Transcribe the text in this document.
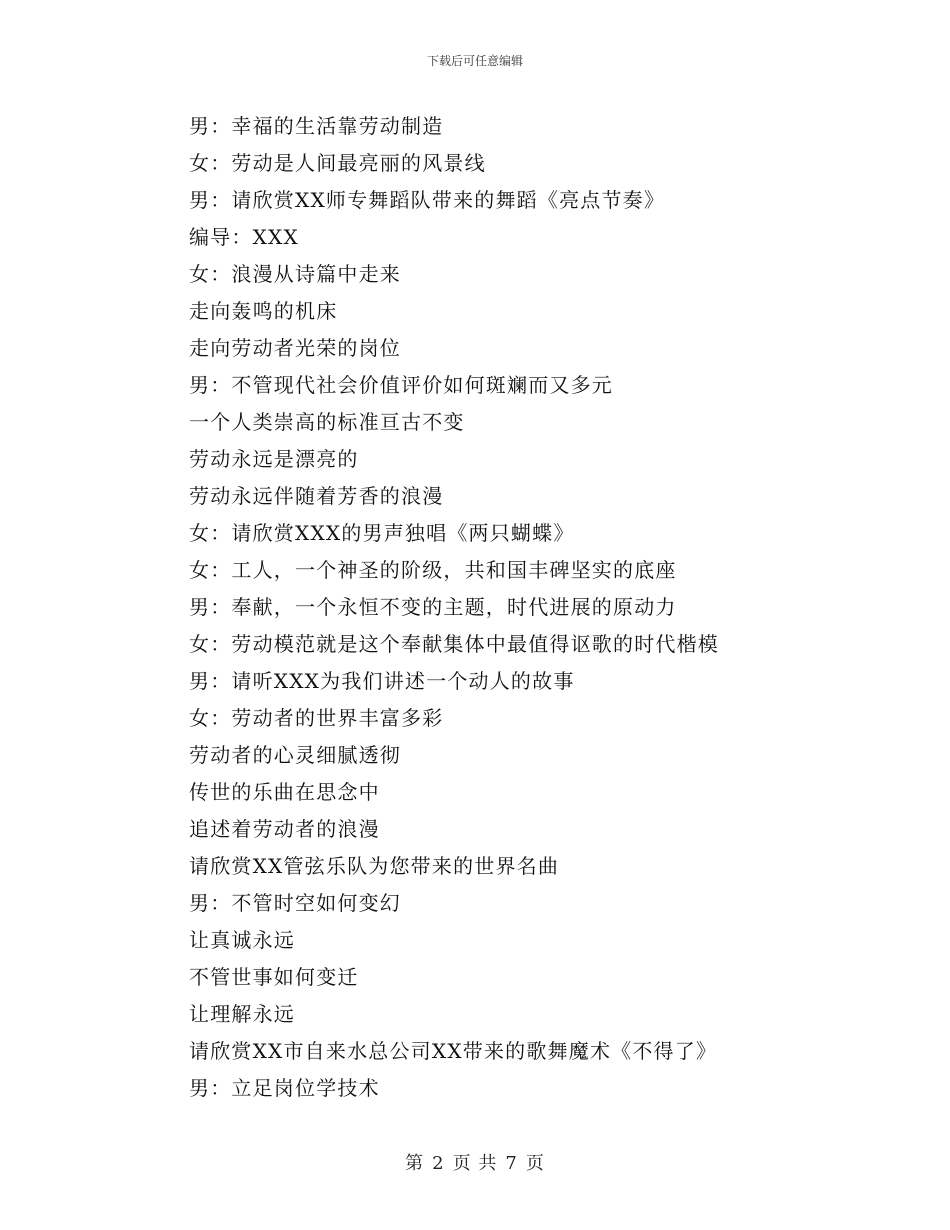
下载后可任意编辑
男：幸福的生活靠劳动制造
女：劳动是人间最亮丽的风景线
男：请欣赏XX师专舞蹈队带来的舞蹈《亮点节奏》
编导：XXX
女：浪漫从诗篇中走来
走向轰鸣的机床
走向劳动者光荣的岗位
男：不管现代社会价值评价如何斑斓而又多元
一个人类崇高的标准亘古不变
劳动永远是漂亮的
劳动永远伴随着芳香的浪漫
女：请欣赏XXX的男声独唱《两只蝴蝶》
女：工人，一个神圣的阶级，共和国丰碑坚实的底座
男：奉献，一个永恒不变的主题，时代进展的原动力
女：劳动模范就是这个奉献集体中最值得讴歌的时代楷模
男：请听XXX为我们讲述一个动人的故事
女：劳动者的世界丰富多彩
劳动者的心灵细腻透彻
传世的乐曲在思念中
追述着劳动者的浪漫
请欣赏XX管弦乐队为您带来的世界名曲
男：不管时空如何变幻
让真诚永远
不管世事如何变迁
让理解永远
请欣赏XX市自来水总公司XX带来的歌舞魔术《不得了》
男：立足岗位学技术
第 2 页 共 7 页
